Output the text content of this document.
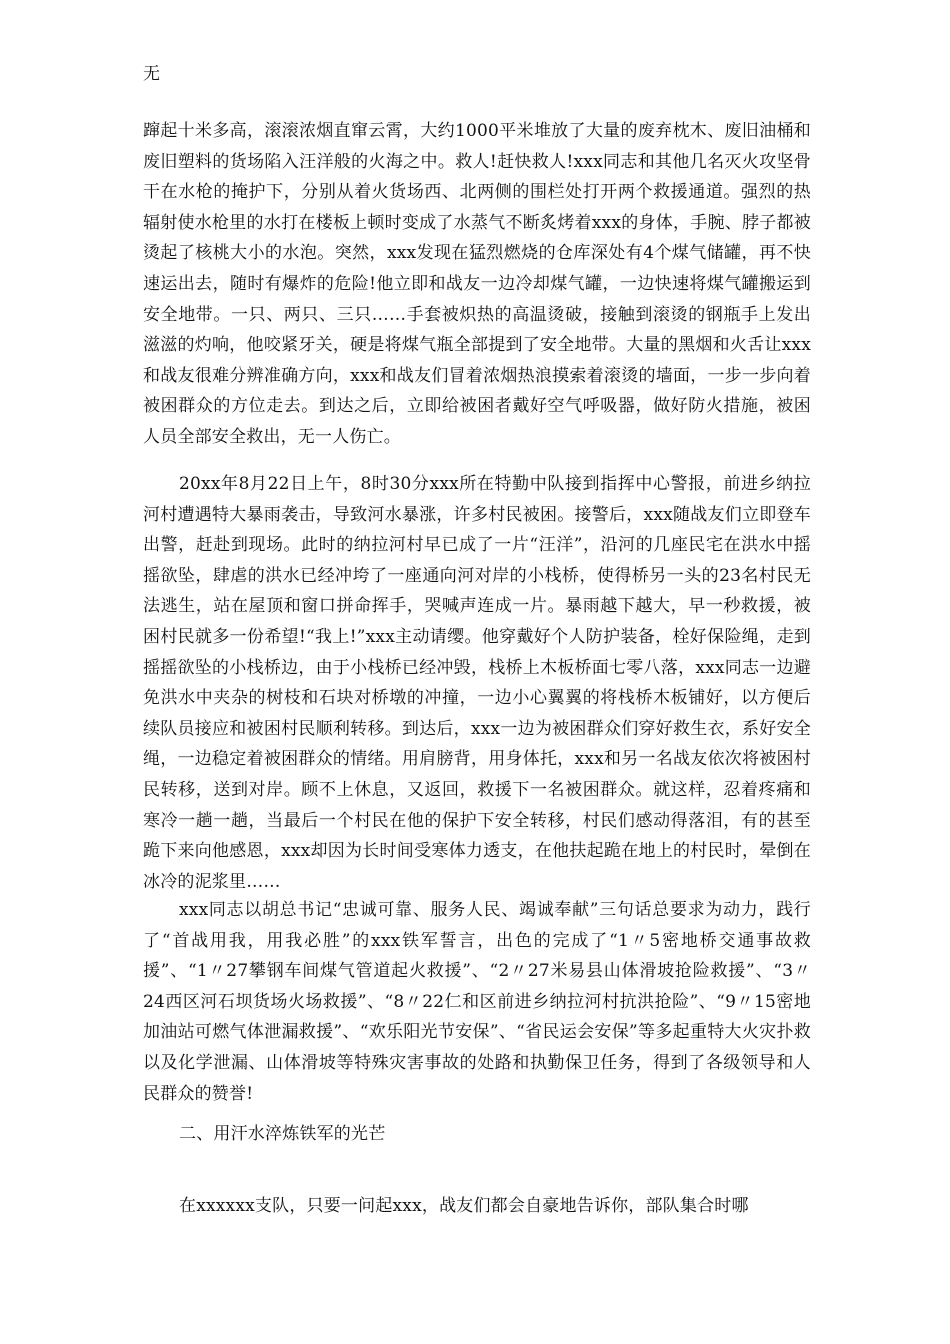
无

蹿起十米多高，滚滚浓烟直窜云霄，大约1000平米堆放了大量的废弃枕木、废旧油桶和废旧塑料的货场陷入汪洋般的火海之中。救人!赶快救人!xxx同志和其他几名灭火攻坚骨干在水枪的掩护下，分别从着火货场西、北两侧的围栏处打开两个救援通道。强烈的热辐射使水枪里的水打在楼板上顿时变成了水蒸气不断炙烤着xxx的身体，手腕、脖子都被烫起了核桃大小的水泡。突然，xxx发现在猛烈燃烧的仓库深处有4个煤气储罐，再不快速运出去，随时有爆炸的危险!他立即和战友一边冷却煤气罐，一边快速将煤气罐搬运到安全地带。一只、两只、三只……手套被炽热的高温烫破，接触到滚烫的钢瓶手上发出滋滋的灼响，他咬紧牙关，硬是将煤气瓶全部提到了安全地带。大量的黑烟和火舌让xxx和战友很难分辨准确方向，xxx和战友们冒着浓烟热浪摸索着滚烫的墙面，一步一步向着被困群众的方位走去。到达之后，立即给被困者戴好空气呼吸器，做好防火措施，被困人员全部安全救出，无一人伤亡。

20xx年8月22日上午，8时30分xxx所在特勤中队接到指挥中心警报，前进乡纳拉河村遭遇特大暴雨袭击，导致河水暴涨，许多村民被困。接警后，xxx随战友们立即登车出警，赶赴到现场。此时的纳拉河村早已成了一片“汪洋”，沿河的几座民宅在洪水中摇摇欲坠，肆虐的洪水已经冲垮了一座通向河对岸的小栈桥，使得桥另一头的23名村民无法逃生，站在屋顶和窗口拼命挥手，哭喊声连成一片。暴雨越下越大，早一秒救援，被困村民就多一份希望!“我上!”xxx主动请缨。他穿戴好个人防护装备，栓好保险绳，走到摇摇欲坠的小栈桥边，由于小栈桥已经冲毁，栈桥上木板桥面七零八落，xxx同志一边避免洪水中夹杂的树枝和石块对桥墩的冲撞，一边小心翼翼的将栈桥木板铺好，以方便后续队员接应和被困村民顺利转移。到达后，xxx一边为被困群众们穿好救生衣，系好安全绳，一边稳定着被困群众的情绪。用肩膀背，用身体托，xxx和另一名战友依次将被困村民转移，送到对岸。顾不上休息，又返回，救援下一名被困群众。就这样，忍着疼痛和寒冷一趟一趟，当最后一个村民在他的保护下安全转移，村民们感动得落泪，有的甚至跪下来向他感恩，xxx却因为长时间受寒体力透支，在他扶起跪在地上的村民时，晕倒在冰冷的泥浆里……

xxx同志以胡总书记“忠诚可靠、服务人民、竭诚奉献”三句话总要求为动力，践行了“首战用我，用我必胜”的xxx铁军誓言，出色的完成了“1〃5密地桥交通事故救援”、“1〃27攀钢车间煤气管道起火救援”、“2〃27米易县山体滑坡抢险救援”、“3〃24西区河石坝货场火场救援”、“8〃22仁和区前进乡纳拉河村抗洪抢险”、“9〃15密地加油站可燃气体泄漏救援”、“欢乐阳光节安保”、“省民运会安保”等多起重特大火灾扑救以及化学泄漏、山体滑坡等特殊灾害事故的处路和执勤保卫任务，得到了各级领导和人民群众的赞誉!

二、用汗水淬炼铁军的光芒

在xxxxxx支队，只要一问起xxx，战友们都会自豪地告诉你，部队集合时哪
